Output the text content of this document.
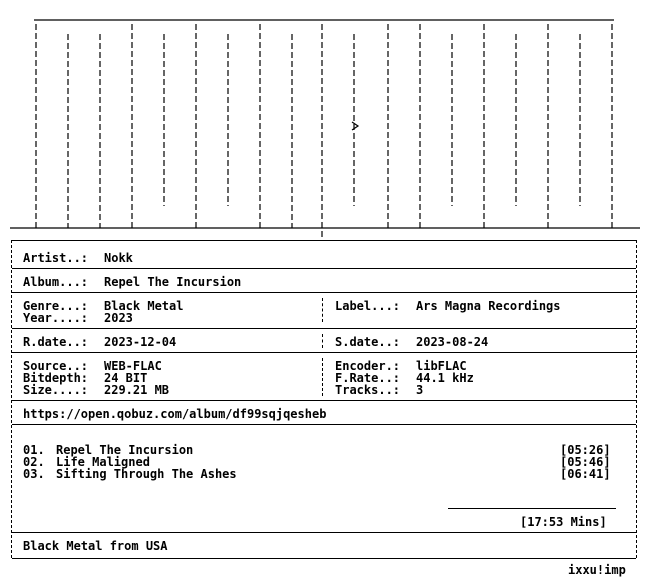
Artist..: Nokk
Album...: Repel The Incursion
Genre...: Black Metal
Year....: 2023
Label...: Ars Magna Recordings
R.date..: 2023-12-04	S.date..: 2023-08-24
Source..: WEB-FLAC
Bitdepth: 24 BIT
Size....: 229.21 MB
Encoder.: libFLAC
F.Rate..: 44.1 kHz
Tracks..: 3
https://open.qobuz.com/album/df99sqjqesheb
01. Repel The Incursion	[05:26]
02. Life Maligned	[05:46]
03. Sifting Through The Ashes	[06:41]
[17:53 Mins]
Black Metal from USA
ixxu!imp
